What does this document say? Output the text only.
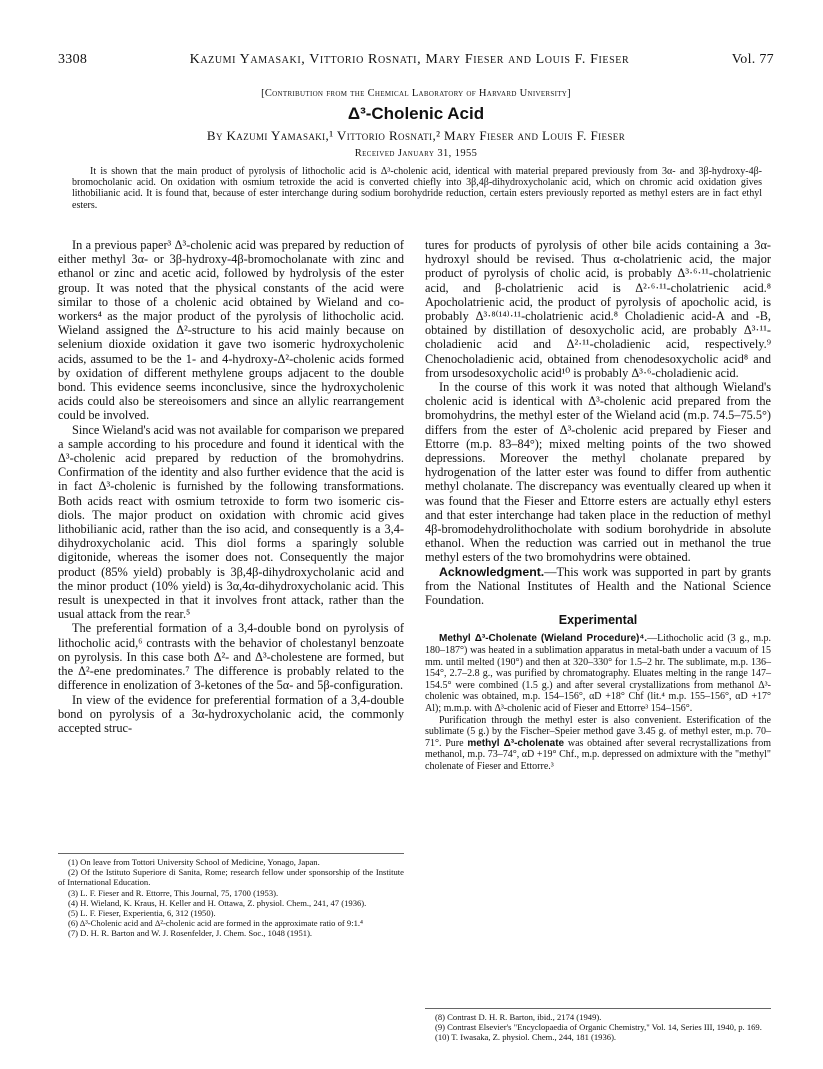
3308	Kazumi Yamasaki, Vittorio Rosnati, Mary Fieser and Louis F. Fieser	Vol. 77
[Contribution from the Chemical Laboratory of Harvard University]
Δ³-Cholenic Acid
By Kazumi Yamasaki,¹ Vittorio Rosnati,² Mary Fieser and Louis F. Fieser
Received January 31, 1955

It is shown that the main product of pyrolysis of lithocholic acid is Δ³-cholenic acid, identical with material prepared previously from 3α- and 3β-hydroxy-4β-bromocholanic acid. On oxidation with osmium tetroxide the acid is converted chiefly into 3β,4β-dihydroxycholanic acid, which on chromic acid oxidation gives lithobilianic acid. It is found that, because of ester interchange during sodium borohydride reduction, certain esters previously reported as methyl esters are in fact ethyl esters.

In a previous paper³ Δ³-cholenic acid was prepared by reduction of either methyl 3α- or 3β-hydroxy-4β-bromocholanate with zinc and ethanol or zinc and acetic acid, followed by hydrolysis of the ester group. It was noted that the physical constants of the acid were similar to those of a cholenic acid obtained by Wieland and co-workers⁴ as the major product of the pyrolysis of lithocholic acid. Wieland assigned the Δ²-structure to his acid mainly because on selenium dioxide oxidation it gave two isomeric hydroxycholenic acids, assumed to be the 1- and 4-hydroxy-Δ²-cholenic acids formed by oxidation of different methylene groups adjacent to the double bond. This evidence seems inconclusive, since the hydroxycholenic acids could also be stereoisomers and since an allylic rearrangement could be involved.

Since Wieland's acid was not available for comparison we prepared a sample according to his procedure and found it identical with the Δ³-cholenic acid prepared by reduction of the bromohydrins. Confirmation of the identity and also further evidence that the acid is in fact Δ³-cholenic is furnished by the following transformations. Both acids react with osmium tetroxide to form two isomeric cis-diols. The major product on oxidation with chromic acid gives lithobilianic acid, rather than the iso acid, and consequently is a 3,4-dihydroxycholanic acid. This diol forms a sparingly soluble digitonide, whereas the isomer does not. Consequently the major product (85% yield) probably is 3β,4β-dihydroxycholanic acid and the minor product (10% yield) is 3α,4α-dihydroxycholanic acid. This result is unexpected in that it involves front attack, rather than the usual attack from the rear.⁵

The preferential formation of a 3,4-double bond on pyrolysis of lithocholic acid,⁶ contrasts with the behavior of cholestanyl benzoate on pyrolysis. In this case both Δ²- and Δ³-cholestene are formed, but the Δ²-ene predominates.⁷ The difference is probably related to the difference in enolization of 3-ketones of the 5α- and 5β-configuration.

In view of the evidence for preferential formation of a 3,4-double bond on pyrolysis of a 3α-hydroxycholanic acid, the commonly accepted struc-

(1) On leave from Tottori University School of Medicine, Yonago, Japan.

(2) Of the Istituto Superiore di Sanita, Rome; research fellow under sponsorship of the Institute of International Education.

(3) L. F. Fieser and R. Ettorre, This Journal, 75, 1700 (1953).

(4) H. Wieland, K. Kraus, H. Keller and H. Ottawa, Z. physiol. Chem., 241, 47 (1936).

(5) L. F. Fieser, Experientia, 6, 312 (1950).

(6) Δ³-Cholenic acid and Δ²-cholenic acid are formed in the approximate ratio of 9:1.⁴

(7) D. H. R. Barton and W. J. Rosenfelder, J. Chem. Soc., 1048 (1951).

tures for products of pyrolysis of other bile acids containing a 3α-hydroxyl should be revised. Thus α-cholatrienic acid, the major product of pyrolysis of cholic acid, is probably Δ³·⁶·¹¹-cholatrienic acid, and β-cholatrienic acid is Δ²·⁶·¹¹-cholatrienic acid.⁸ Apocholatrienic acid, the product of pyrolysis of apocholic acid, is probably Δ³·⁸⁽¹⁴⁾·¹¹-cholatrienic acid.⁸ Choladienic acid-A and -B, obtained by distillation of desoxycholic acid, are probably Δ³·¹¹-choladienic acid and Δ²·¹¹-choladienic acid, respectively.⁹ Chenocholadienic acid, obtained from chenodesoxycholic acid⁸ and from ursodesoxycholic acid¹⁰ is probably Δ³·⁶-choladienic acid.

In the course of this work it was noted that although Wieland's cholenic acid is identical with Δ³-cholenic acid prepared from the bromohydrins, the methyl ester of the Wieland acid (m.p. 74.5–75.5°) differs from the ester of Δ³-cholenic acid prepared by Fieser and Ettorre (m.p. 83–84°); mixed melting points of the two showed depressions. Moreover the methyl cholanate prepared by hydrogenation of the latter ester was found to differ from authentic methyl cholanate. The discrepancy was eventually cleared up when it was found that the Fieser and Ettorre esters are actually ethyl esters and that ester interchange had taken place in the reduction of methyl 4β-bromodehydrolithocholate with sodium borohydride in absolute ethanol. When the reduction was carried out in methanol the true methyl esters of the two bromohydrins were obtained.

Acknowledgment.—This work was supported in part by grants from the National Institutes of Health and the National Science Foundation.

Experimental

Methyl Δ³-Cholenate (Wieland Procedure)⁴.—Lithocholic acid (3 g., m.p. 180–187°) was heated in a sublimation apparatus in metal-bath under a vacuum of 15 mm. until melted (190°) and then at 320–330° for 1.5–2 hr. The sublimate, m.p. 136–154°, 2.7–2.8 g., was purified by chromatography. Eluates melting in the range 147–154.5° were combined (1.5 g.) and after several crystallizations from methanol Δ³-cholenic was obtained, m.p. 154–156°, αD +18° Chf (lit.⁴ m.p. 155–156°, αD +17° Al); m.m.p. with Δ³-cholenic acid of Fieser and Ettorre³ 154–156°.

Purification through the methyl ester is also convenient. Esterification of the sublimate (5 g.) by the Fischer–Speier method gave 3.45 g. of methyl ester, m.p. 70–71°. Pure methyl Δ³-cholenate was obtained after several recrystallizations from methanol, m.p. 73–74°, αD +19° Chf., m.p. depressed on admixture with the "methyl" cholenate of Fieser and Ettorre.³

(8) Contrast D. H. R. Barton, ibid., 2174 (1949).

(9) Contrast Elsevier's "Encyclopaedia of Organic Chemistry," Vol. 14, Series III, 1940, p. 169.

(10) T. Iwasaka, Z. physiol. Chem., 244, 181 (1936).
